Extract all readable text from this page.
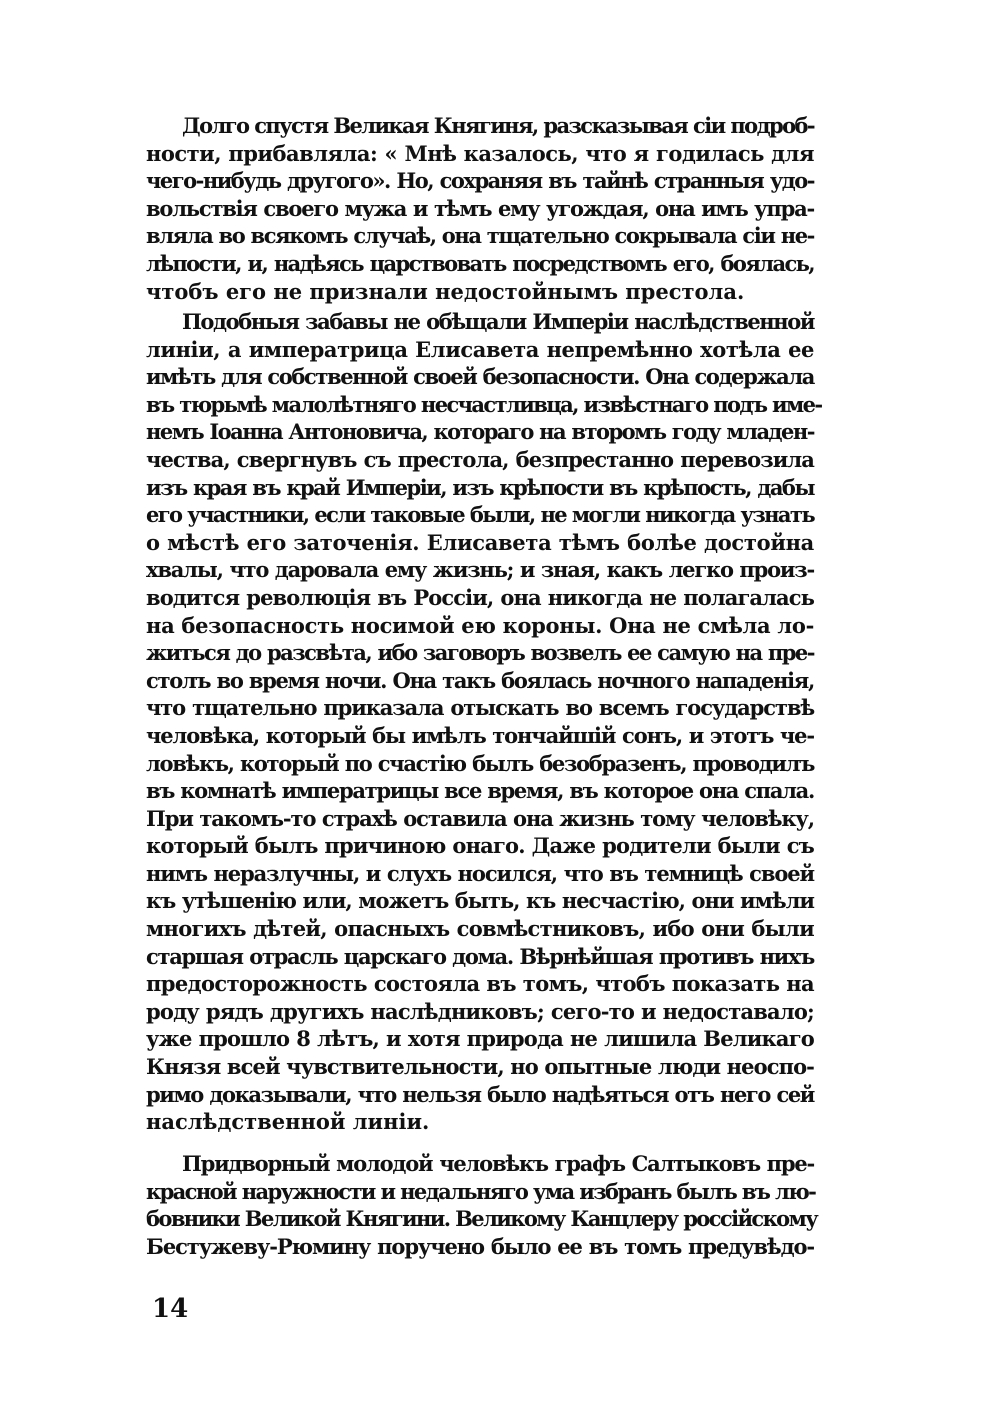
Долго спустя Великая Княгиня, разсказывая сіи подроб-
ности, прибавляла: « Мнѣ казалось, что я годилась для
чего-нибудь другого». Но, сохраняя въ тайнѣ странныя удо-
вольствія своего мужа и тѣмъ ему угождая, она имъ упра-
вляла во всякомъ случаѣ, она тщательно сокрывала сіи не-
лѣпости, и, надѣясь царствовать посредствомъ его, боялась,
чтобъ его не признали недостойнымъ престола.
Подобныя забавы не обѣщали Имперіи наслѣдственной
линіи, а императрица Елисавета непремѣнно хотѣла ее
имѣть для собственной своей безопасности. Она содержала
въ тюрьмѣ малолѣтняго несчастливца, извѣстнаго подъ име-
немъ Іоанна Антоновича, котораго на второмъ году младен-
чества, свергнувъ съ престола, безпрестанно перевозила
изъ края въ край Имперіи, изъ крѣпости въ крѣпость, дабы
его участники, если таковые были, не могли никогда узнать
о мѣстѣ его заточенія. Елисавета тѣмъ болѣе достойна
хвалы, что даровала ему жизнь; и зная, какъ легко произ-
водится революція въ Россіи, она никогда не полагалась
на безопасность носимой ею короны. Она не смѣла ло-
житься до разсвѣта, ибо заговоръ возвелъ ее самую на пре-
столъ во время ночи. Она такъ боялась ночного нападенія,
что тщательно приказала отыскать во всемъ государствѣ
человѣка, который бы имѣлъ тончайшій сонъ, и этотъ че-
ловѣкъ, который по счастію былъ безобразенъ, проводилъ
въ комнатѣ императрицы все время, въ которое она спала.
При такомъ-то страхѣ оставила она жизнь тому человѣку,
который былъ причиною онаго. Даже родители были съ
нимъ неразлучны, и слухъ носился, что въ темницѣ своей
къ утѣшенію или, можетъ быть, къ несчастію, они имѣли
многихъ дѣтей, опасныхъ совмѣстниковъ, ибо они были
старшая отрасль царскаго дома. Вѣрнѣйшая противъ нихъ
предосторожность состояла въ томъ, чтобъ показать на
роду рядъ другихъ наслѣдниковъ; сего-то и недоставало;
уже прошло 8 лѣтъ, и хотя природа не лишила Великаго
Князя всей чувствительности, но опытные люди неоспо-
римо доказывали, что нельзя было надѣяться отъ него сей
наслѣдственной линіи.
Придворный молодой человѣкъ графъ Салтыковъ пре-
красной наружности и недальняго ума избранъ былъ въ лю-
бовники Великой Княгини. Великому Канцлеру россійскому
Бестужеву-Рюмину поручено было ее въ томъ предувѣдо-
14
